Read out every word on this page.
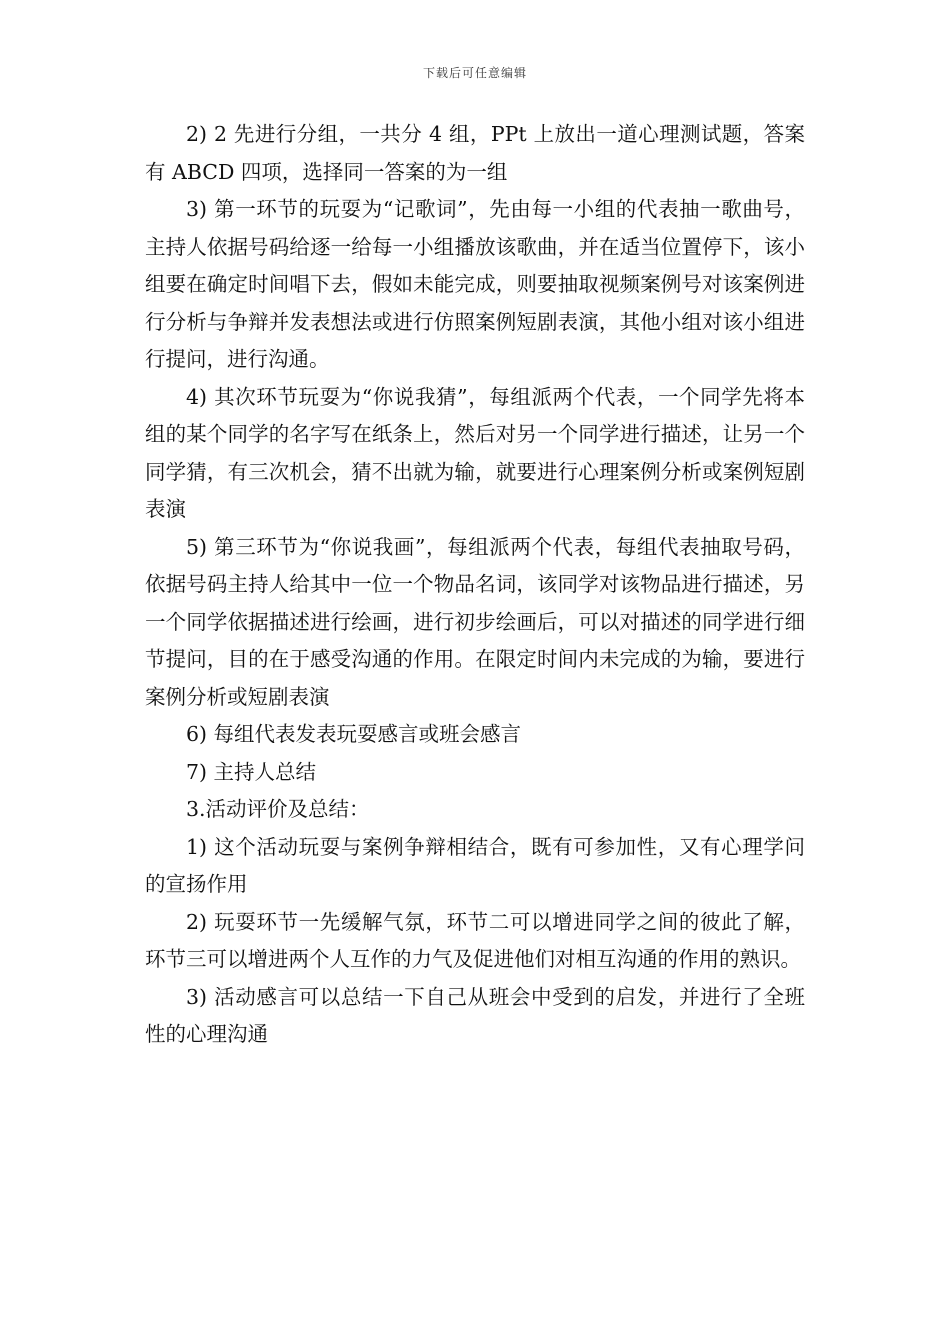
下载后可任意编辑

2) 2 先进行分组，一共分 4 组，PPt 上放出一道心理测试题，答案有 ABCD 四项，选择同一答案的为一组

3) 第一环节的玩耍为“记歌词”，先由每一小组的代表抽一歌曲号，主持人依据号码给逐一给每一小组播放该歌曲，并在适当位置停下，该小组要在确定时间唱下去，假如未能完成，则要抽取视频案例号对该案例进行分析与争辩并发表想法或进行仿照案例短剧表演，其他小组对该小组进行提问，进行沟通。

4) 其次环节玩耍为“你说我猜”，每组派两个代表，一个同学先将本组的某个同学的名字写在纸条上，然后对另一个同学进行描述，让另一个同学猜，有三次机会，猜不出就为输，就要进行心理案例分析或案例短剧表演

5) 第三环节为“你说我画”，每组派两个代表，每组代表抽取号码，依据号码主持人给其中一位一个物品名词，该同学对该物品进行描述，另一个同学依据描述进行绘画，进行初步绘画后，可以对描述的同学进行细节提问，目的在于感受沟通的作用。在限定时间内未完成的为输，要进行案例分析或短剧表演

6) 每组代表发表玩耍感言或班会感言

7) 主持人总结

3.活动评价及总结：

1) 这个活动玩耍与案例争辩相结合，既有可参加性，又有心理学问的宣扬作用

2) 玩耍环节一先缓解气氛，环节二可以增进同学之间的彼此了解，环节三可以增进两个人互作的力气及促进他们对相互沟通的作用的熟识。

3) 活动感言可以总结一下自己从班会中受到的启发，并进行了全班性的心理沟通
